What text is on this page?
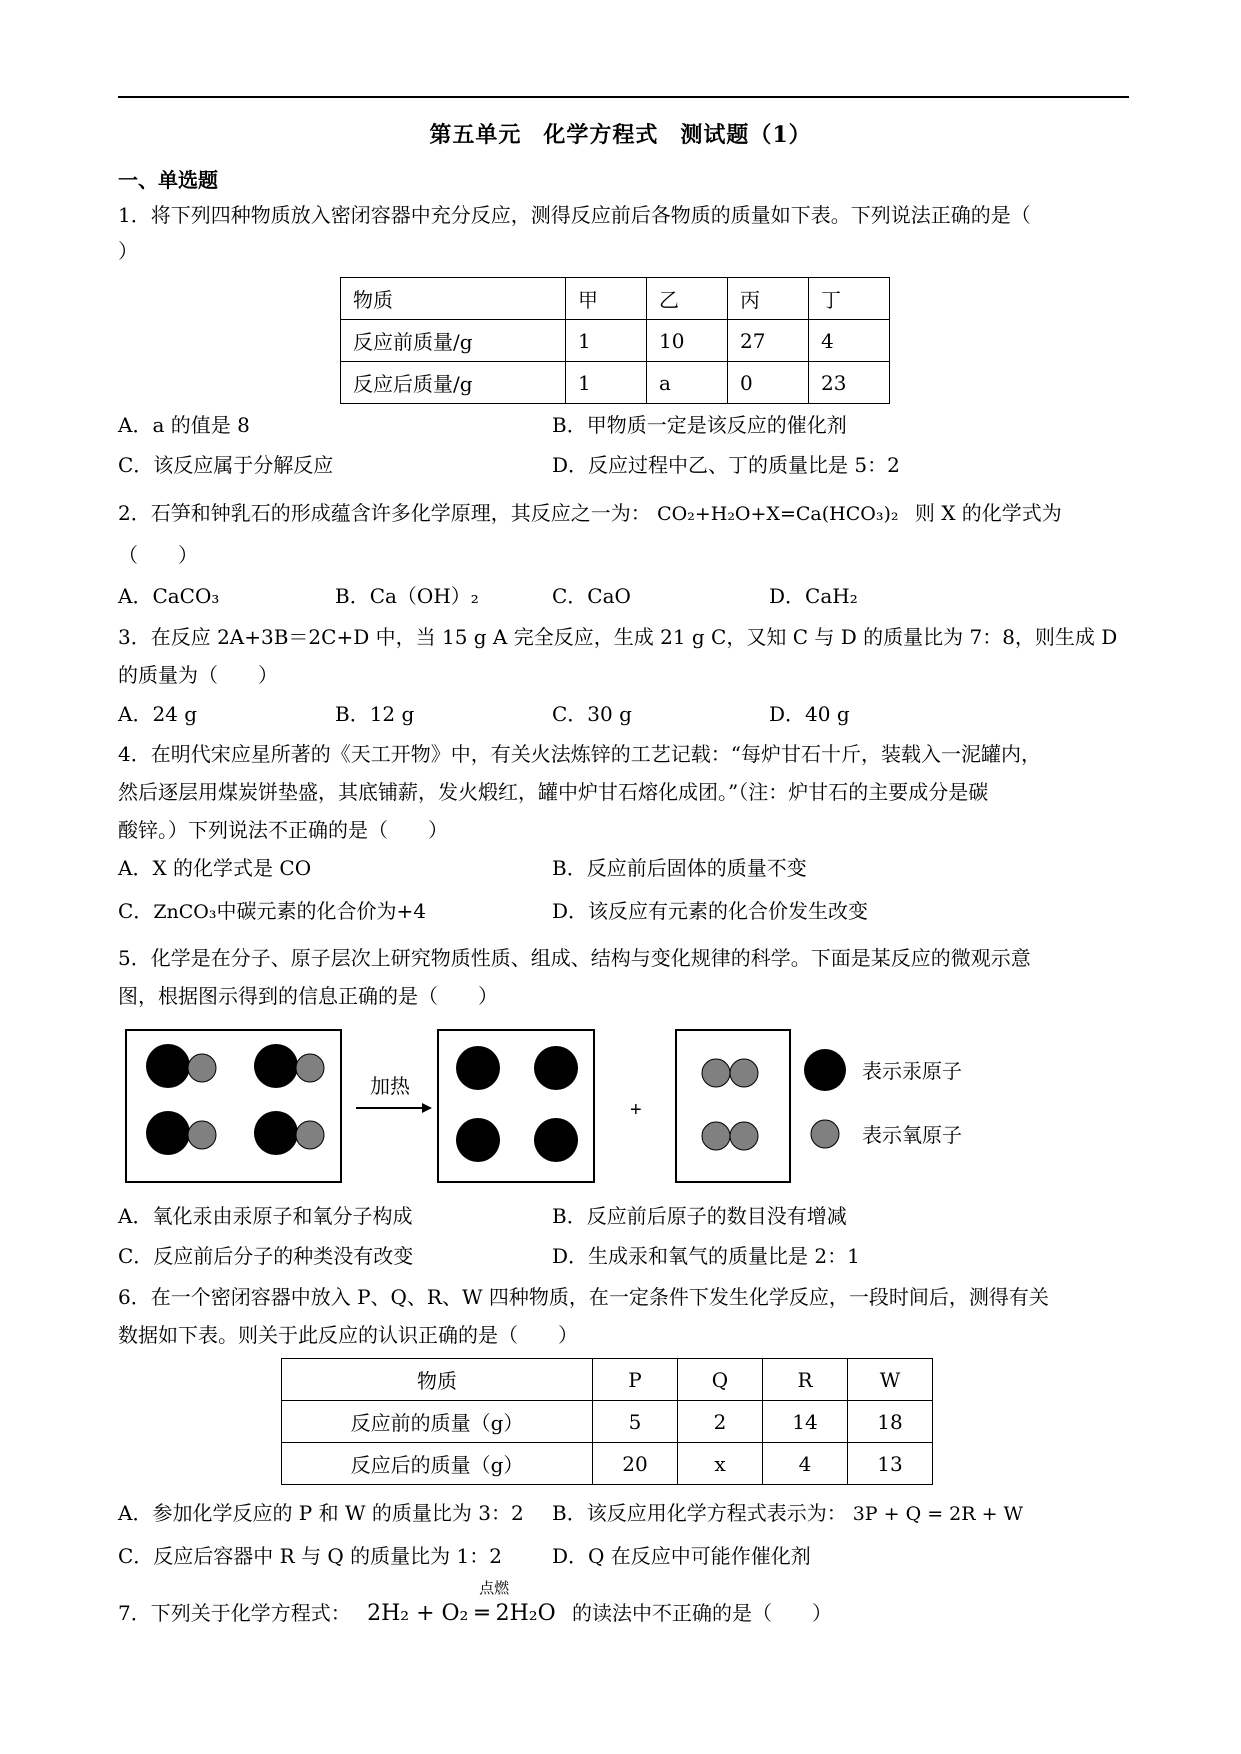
第五单元 化学方程式 测试题（1）
一、单选题
1．将下列四种物质放入密闭容器中充分反应，测得反应前后各物质的质量如下表。下列说法正确的是（
）
物质	甲	乙	丙	丁
反应前质量/g	1	10	27	4
反应后质量/g	1	a	0	23
A．a 的值是 8	B．甲物质一定是该反应的催化剂
C．该反应属于分解反应	D．反应过程中乙、丁的质量比是 5：2
2．石笋和钟乳石的形成蕴含许多化学原理，其反应之一为： CO₂+H₂O+X=Ca(HCO₃)₂ 则 X 的化学式为
（　　）
A．CaCO₃	B．Ca（OH）₂	C．CaO	D．CaH₂
3．在反应 2A+3B＝2C+D 中，当 15 g A 完全反应，生成 21 g C，又知 C 与 D 的质量比为 7：8，则生成 D
的质量为（　　）
A．24 g	B．12 g	C．30 g	D．40 g
4．在明代宋应星所著的《天工开物》中，有关火法炼锌的工艺记载：“每炉甘石十斤，装载入一泥罐内，
然后逐层用煤炭饼垫盛，其底铺薪，发火煅红，罐中炉甘石熔化成团。”（注：炉甘石的主要成分是碳
酸锌。）下列说法不正确的是（　　）
A．X 的化学式是 CO	B．反应前后固体的质量不变
C．ZnCO₃中碳元素的化合价为+4	D．该反应有元素的化合价发生改变
5．化学是在分子、原子层次上研究物质性质、组成、结构与变化规律的科学。下面是某反应的微观示意
图，根据图示得到的信息正确的是（　　）
加热
+
表示汞原子
表示氧原子
A．氧化汞由汞原子和氧分子构成	B．反应前后原子的数目没有增减
C．反应前后分子的种类没有改变	D．生成汞和氧气的质量比是 2：1
6．在一个密闭容器中放入 P、Q、R、W 四种物质，在一定条件下发生化学反应，一段时间后，测得有关
数据如下表。则关于此反应的认识正确的是（　　）
物质	P	Q	R	W
反应前的质量（g）	5	2	14	18
反应后的质量（g）	20	x	4	13
A．参加化学反应的 P 和 W 的质量比为 3：2 B．该反应用化学方程式表示为： 3P + Q = 2R + W
C．反应后容器中 R 与 Q 的质量比为 1：2	D．Q 在反应中可能作催化剂
7．下列关于化学方程式：
点燃
2H₂ + O₂ ═ 2H₂O 的读法中不正确的是（　　）
